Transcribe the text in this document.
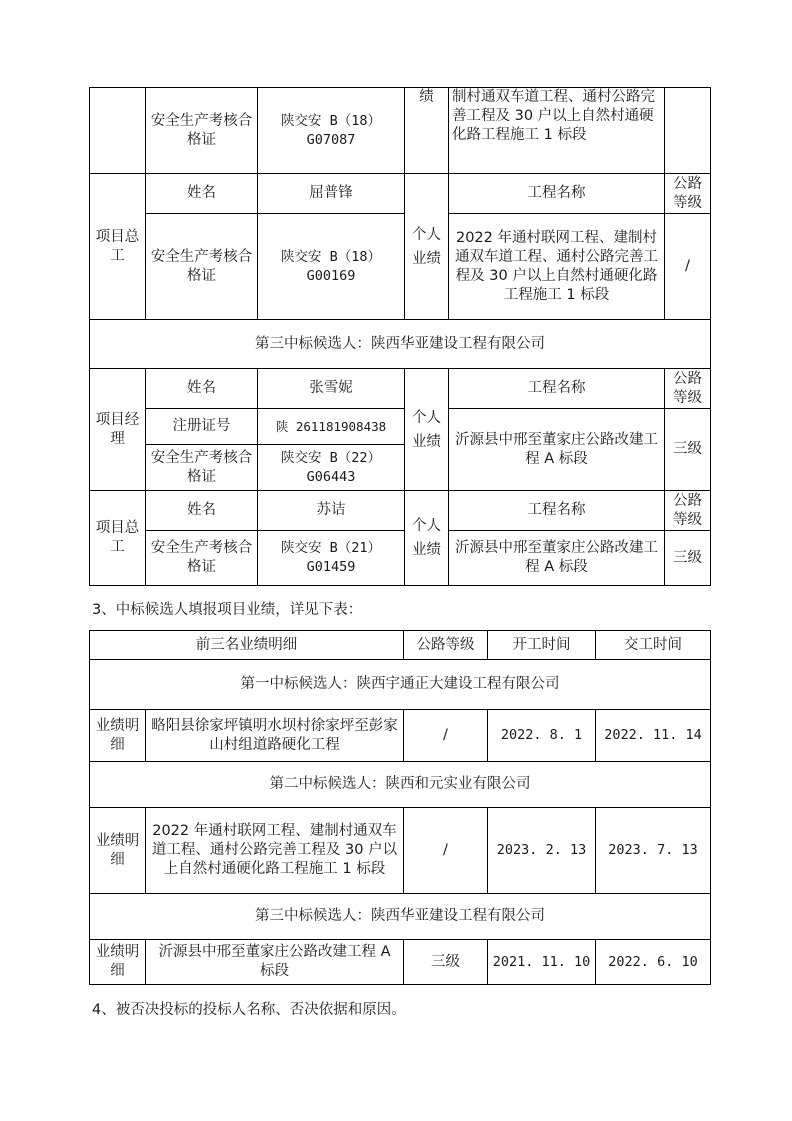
	安全生产考核合格证	陕交安 B（18） G07087	绩	制村通双车道工程、通村公路完善工程及 30 户以上自然村通硬化路工程施工 1 标段	
项目总工	姓名	屈普锋	个人业绩	工程名称	公路等级
	安全生产考核合格证	陕交安 B（18） G00169		2022 年通村联网工程、建制村通双车道工程、通村公路完善工程及 30 户以上自然村通硬化路工程施工 1 标段	/
第三中标候选人：陕西华亚建设工程有限公司					
项目经理	姓名	张雪妮	个人业绩	工程名称	公路等级
	注册证号	陕 261181908438		沂源县中邢至董家庄公路改建工程 A 标段	三级
	安全生产考核合格证	陕交安 B（22） G06443			
项目总工	姓名	苏诘	个人业绩	工程名称	公路等级
	安全生产考核合格证	陕交安 B（21） G01459		沂源县中邢至董家庄公路改建工程 A 标段	三级

3、中标候选人填报项目业绩，详见下表：

前三名业绩明细		公路等级	开工时间	交工时间
第一中标候选人：陕西宇通正大建设工程有限公司				
业绩明细	略阳县徐家坪镇明水坝村徐家坪至彭家山村组道路硬化工程	/	2022. 8. 1	2022. 11. 14
第二中标候选人：陕西和元实业有限公司				
业绩明细	2022 年通村联网工程、建制村通双车道工程、通村公路完善工程及 30 户以上自然村通硬化路工程施工 1 标段	/	2023. 2. 13	2023. 7. 13
第三中标候选人：陕西华亚建设工程有限公司				
业绩明细	沂源县中邢至董家庄公路改建工程 A 标段	三级	2021. 11. 10	2022. 6. 10

4、被否决投标的投标人名称、否决依据和原因。
